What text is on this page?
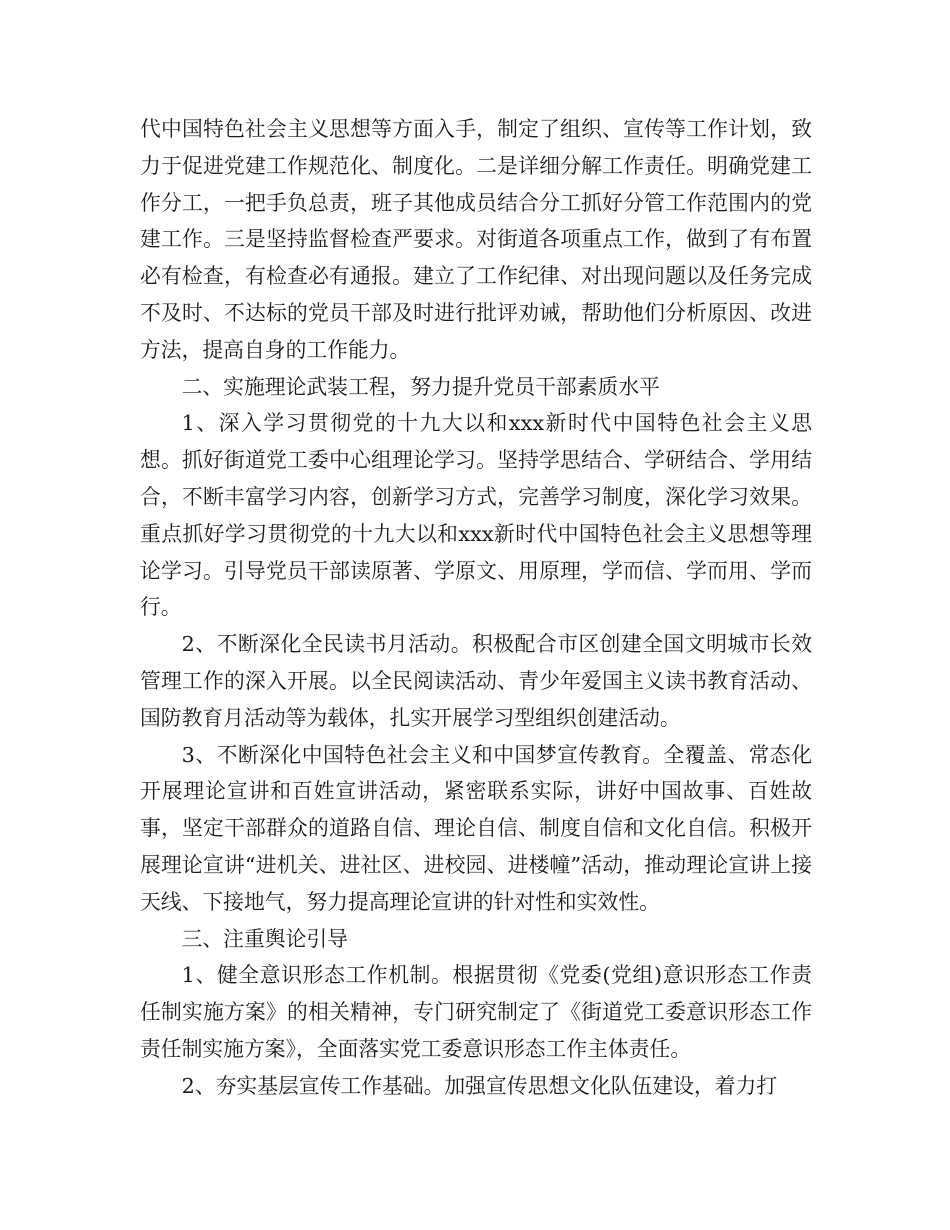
代中国特色社会主义思想等方面入手，制定了组织、宣传等工作计划，致力于促进党建工作规范化、制度化。二是详细分解工作责任。明确党建工作分工，一把手负总责，班子其他成员结合分工抓好分管工作范围内的党建工作。三是坚持监督检查严要求。对街道各项重点工作，做到了有布置必有检查，有检查必有通报。建立了工作纪律、对出现问题以及任务完成不及时、不达标的党员干部及时进行批评劝诫，帮助他们分析原因、改进方法，提高自身的工作能力。

二、实施理论武装工程，努力提升党员干部素质水平

1、深入学习贯彻党的十九大以和xxx新时代中国特色社会主义思想。抓好街道党工委中心组理论学习。坚持学思结合、学研结合、学用结合，不断丰富学习内容，创新学习方式，完善学习制度，深化学习效果。重点抓好学习贯彻党的十九大以和xxx新时代中国特色社会主义思想等理论学习。引导党员干部读原著、学原文、用原理，学而信、学而用、学而行。

2、不断深化全民读书月活动。积极配合市区创建全国文明城市长效管理工作的深入开展。以全民阅读活动、青少年爱国主义读书教育活动、国防教育月活动等为载体，扎实开展学习型组织创建活动。

3、不断深化中国特色社会主义和中国梦宣传教育。全覆盖、常态化开展理论宣讲和百姓宣讲活动，紧密联系实际，讲好中国故事、百姓故事，坚定干部群众的道路自信、理论自信、制度自信和文化自信。积极开展理论宣讲“进机关、进社区、进校园、进楼幢”活动，推动理论宣讲上接天线、下接地气，努力提高理论宣讲的针对性和实效性。

三、注重舆论引导

1、健全意识形态工作机制。根据贯彻《党委(党组)意识形态工作责任制实施方案》的相关精神，专门研究制定了《街道党工委意识形态工作责任制实施方案》，全面落实党工委意识形态工作主体责任。

2、夯实基层宣传工作基础。加强宣传思想文化队伍建设，着力打
